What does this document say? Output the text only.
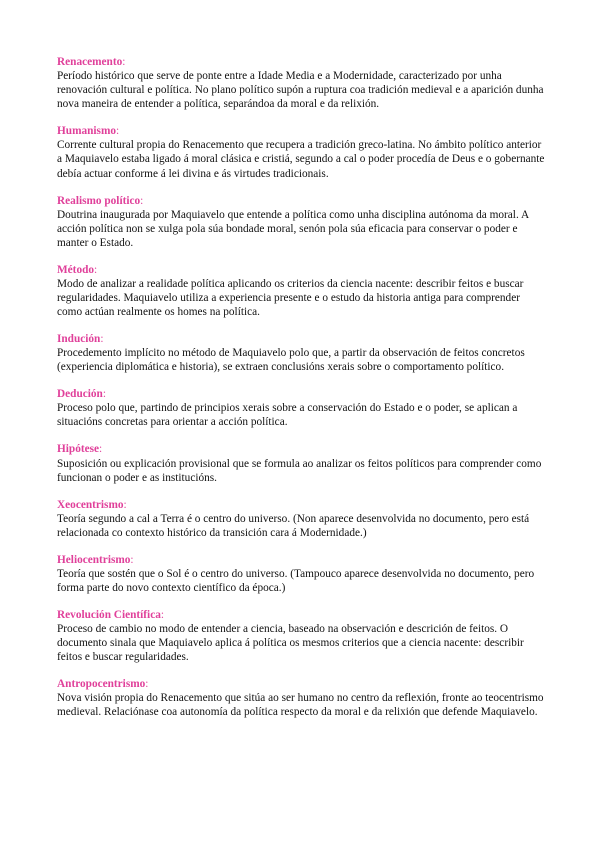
Renacemento:
Período histórico que serve de ponte entre a Idade Media e a Modernidade, caracterizado por unha renovación cultural e política. No plano político supón a ruptura coa tradición medieval e a aparición dunha nova maneira de entender a política, separándoa da moral e da relixión.
Humanismo:
Corrente cultural propia do Renacemento que recupera a tradición greco-latina. No ámbito político anterior a Maquiavelo estaba ligado á moral clásica e cristiá, segundo a cal o poder procedía de Deus e o gobernante debía actuar conforme á lei divina e ás virtudes tradicionais.
Realismo político:
Doutrina inaugurada por Maquiavelo que entende a política como unha disciplina autónoma da moral. A acción política non se xulga pola súa bondade moral, senón pola súa eficacia para conservar o poder e manter o Estado.
Método:
Modo de analizar a realidade política aplicando os criterios da ciencia nacente: describir feitos e buscar regularidades. Maquiavelo utiliza a experiencia presente e o estudo da historia antiga para comprender como actúan realmente os homes na política.
Indución:
Procedemento implícito no método de Maquiavelo polo que, a partir da observación de feitos concretos (experiencia diplomática e historia), se extraen conclusións xerais sobre o comportamento político.
Dedución:
Proceso polo que, partindo de principios xerais sobre a conservación do Estado e o poder, se aplican a situacións concretas para orientar a acción política.
Hipótese:
Suposición ou explicación provisional que se formula ao analizar os feitos políticos para comprender como funcionan o poder e as institucións.
Xeocentrismo:
Teoría segundo a cal a Terra é o centro do universo. (Non aparece desenvolvida no documento, pero está relacionada co contexto histórico da transición cara á Modernidade.)
Heliocentrismo:
Teoría que sostén que o Sol é o centro do universo. (Tampouco aparece desenvolvida no documento, pero forma parte do novo contexto científico da época.)
Revolución Científica:
Proceso de cambio no modo de entender a ciencia, baseado na observación e descrición de feitos. O documento sinala que Maquiavelo aplica á política os mesmos criterios que a ciencia nacente: describir feitos e buscar regularidades.
Antropocentrismo:
Nova visión propia do Renacemento que sitúa ao ser humano no centro da reflexión, fronte ao teocentrismo medieval. Relaciónase coa autonomía da política respecto da moral e da relixión que defende Maquiavelo.
